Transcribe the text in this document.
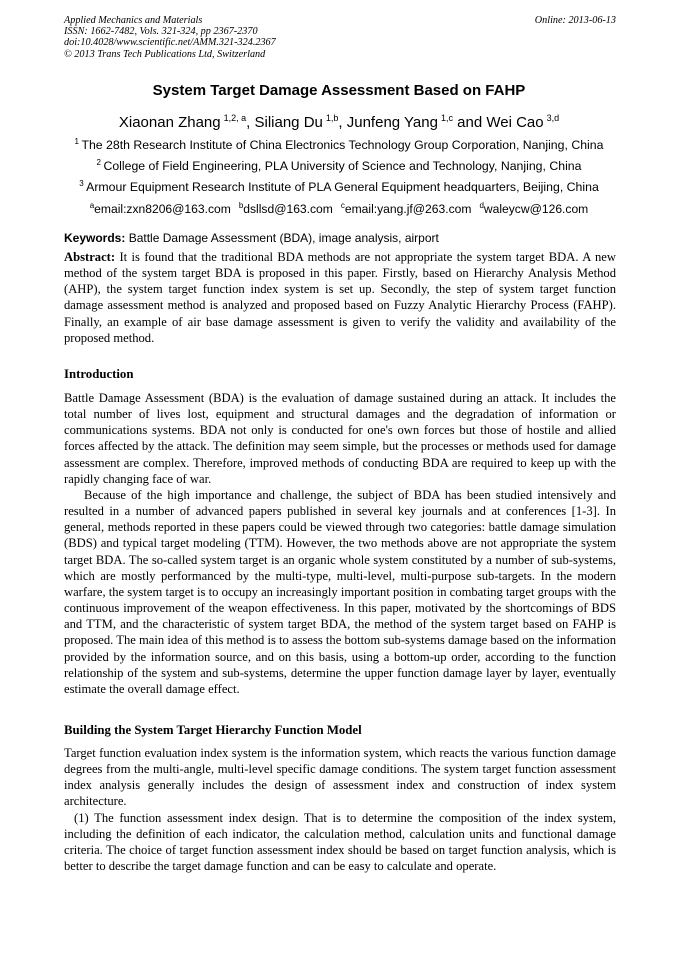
Applied Mechanics and Materials
ISSN: 1662-7482, Vols. 321-324, pp 2367-2370
doi:10.4028/www.scientific.net/AMM.321-324.2367
© 2013 Trans Tech Publications Ltd, Switzerland
Online: 2013-06-13
System Target Damage Assessment Based on FAHP
Xiaonan Zhang  $^{1,2, a}$, Siliang Du  $^{1,b}$, Junfeng Yang  $^{1,c}$ and Wei Cao  $^{3,d}$
$^1$  The 28th Research Institute of China Electronics Technology Group Corporation, Nanjing, China
$^2$  College of Field Engineering, PLA University of Science and Technology, Nanjing, China
$^3$  Armour Equipment Research Institute of PLA General Equipment headquarters, Beijing, China
$^a$email:zxn8206@163.com $^b$dsllsd@163.com $^c$email:yang.jf@263.com $^d$waleycw@126.com
Keywords: Battle Damage Assessment (BDA), image analysis, airport

Abstract: It is found that the traditional BDA methods are not appropriate the system target BDA. A new method of the system target BDA is proposed in this paper. Firstly, based on Hierarchy Analysis Method (AHP), the system target function index system is set up. Secondly, the step of system target function damage assessment method is analyzed and proposed based on Fuzzy Analytic Hierarchy Process (FAHP). Finally, an example of air base damage assessment is given to verify the validity and availability of the proposed method.

Introduction

Battle Damage Assessment (BDA) is the evaluation of damage sustained during an attack. It includes the total number of lives lost, equipment and structural damages and the degradation of information or communications systems. BDA not only is conducted for one's own forces but those of hostile and allied forces affected by the attack. The definition may seem simple, but the processes or methods used for damage assessment are complex. Therefore, improved methods of conducting BDA are required to keep up with the rapidly changing face of war.

Because of the high importance and challenge, the subject of BDA has been studied intensively and resulted in a number of advanced papers published in several key journals and at conferences [1-3]. In general, methods reported in these papers could be viewed through two categories: battle damage simulation (BDS) and typical target modeling (TTM). However, the two methods above are not appropriate the system target BDA. The so-called system target is an organic whole system constituted by a number of sub-systems, which are mostly performanced by the multi-type, multi-level, multi-purpose sub-targets. In the modern warfare, the system target is to occupy an increasingly important position in combating target groups with the continuous improvement of the weapon effectiveness. In this paper, motivated by the shortcomings of BDS and TTM, and the characteristic of system target BDA, the method of the system target based on FAHP is proposed. The main idea of this method is to assess the bottom sub-systems damage based on the information provided by the information source, and on this basis, using a bottom-up order, according to the function relationship of the system and sub-systems, determine the upper function damage layer by layer, eventually estimate the overall damage effect.

Building the System Target Hierarchy Function Model

Target function evaluation index system is the information system, which reacts the various function damage degrees from the multi-angle, multi-level specific damage conditions. The system target function assessment index analysis generally includes the design of assessment index and construction of index system architecture.

(1) The function assessment index design. That is to determine the composition of the index system, including the definition of each indicator, the calculation method, calculation units and functional damage criteria. The choice of target function assessment index should be based on target function analysis, which is better to describe the target damage function and can be easy to calculate and operate.
